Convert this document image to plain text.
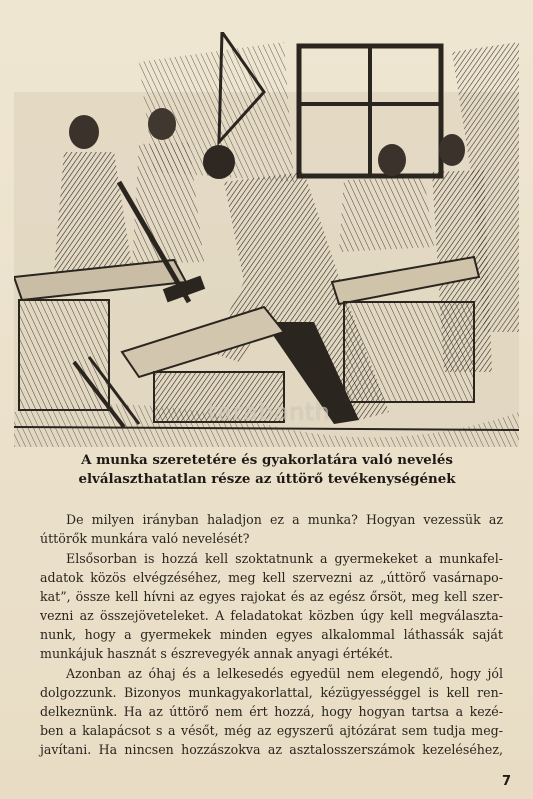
tarabanth
A munka szeretetére és gyakorlatára való nevelés
elválaszthatatlan része az úttörő tevékenységének
De milyen irányban haladjon ez a munka? Hogyan vezessük az
úttörők munkára való nevelését?
Elsősorban is hozzá kell szoktatnunk a gyermekeket a munkafel-
adatok közös elvégzéséhez, meg kell szervezni az „úttörő vasárnapo-
kat”, össze kell hívni az egyes rajokat és az egész őrsöt, meg kell szer-
vezni az összejöveteleket. A feladatokat közben úgy kell megválaszta-
nunk, hogy a gyermekek minden egyes alkalommal láthassák saját
munkájuk hasznát s észrevegyék annak anyagi értékét.
Azonban az óhaj és a lelkesedés egyedül nem elegendő, hogy jól
dolgozzunk. Bizonyos munkagyakorlattal, kézügyességgel is kell ren-
delkeznünk. Ha az úttörő nem ért hozzá, hogy hogyan tartsa a kezé-
ben a kalapácsot s a vésőt, még az egyszerű ajtózárat sem tudja meg-
javítani. Ha nincsen hozzászokva az asztalosszerszámok kezeléséhez,
7
